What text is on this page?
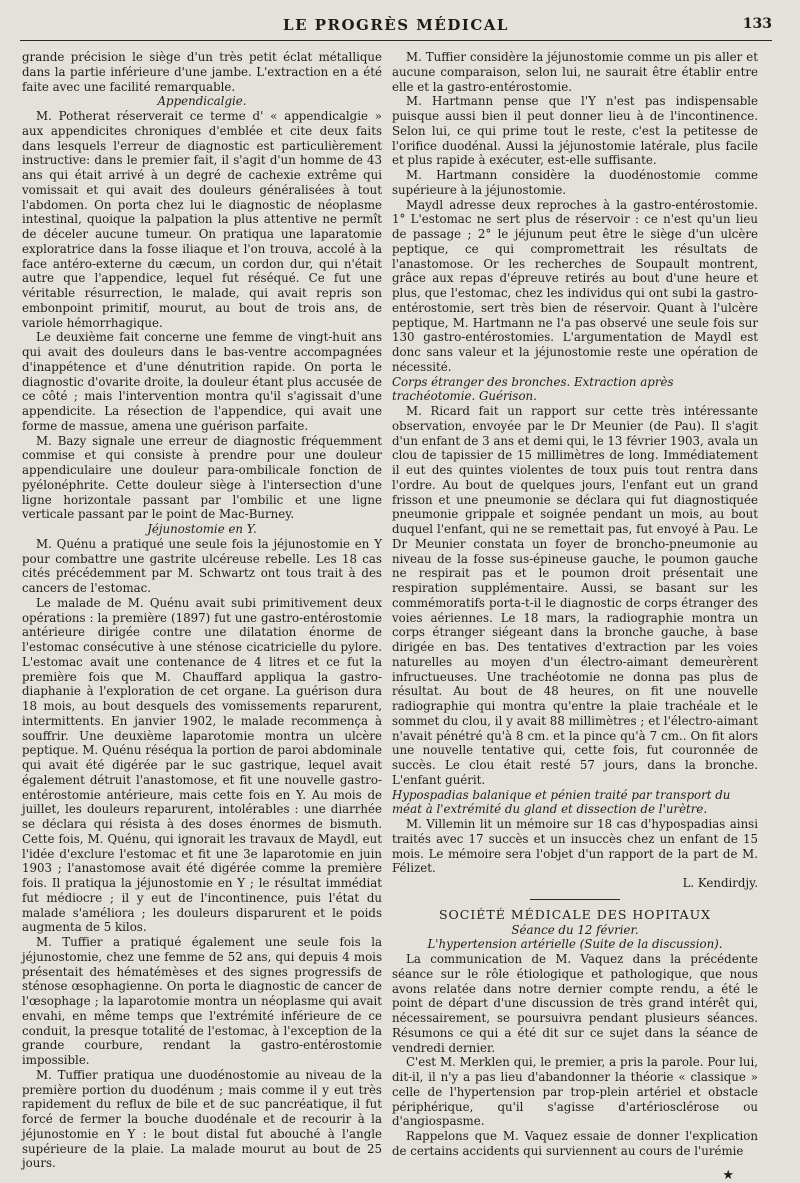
LE PROGRÈS MÉDICAL	133

grande précision le siège d'un très petit éclat métallique dans la partie inférieure d'une jambe. L'extraction en a été faite avec une facilité remarquable.

Appendicalgie.

M. Potherat réserverait ce terme d' « appendicalgie » aux appendicites chroniques d'emblée et cite deux faits dans lesquels l'erreur de diagnostic est particulièrement instructive: dans le premier fait, il s'agit d'un homme de 43 ans qui était arrivé à un degré de cachexie extrême qui vomissait et qui avait des douleurs généralisées à tout l'abdomen. On porta chez lui le diagnostic de néoplasme intestinal, quoique la palpation la plus attentive ne permît de déceler aucune tumeur. On pratiqua une laparatomie exploratrice dans la fosse iliaque et l'on trouva, accolé à la face antéro-externe du cæcum, un cordon dur, qui n'était autre que l'appendice, lequel fut réséqué. Ce fut une véritable résurrection, le malade, qui avait repris son embonpoint primitif, mourut, au bout de trois ans, de variole hémorrhagique.

Le deuxième fait concerne une femme de vingt-huit ans qui avait des douleurs dans le bas-ventre accompagnées d'inappétence et d'une dénutrition rapide. On porta le diagnostic d'ovarite droite, la douleur étant plus accusée de ce côté ; mais l'intervention montra qu'il s'agissait d'une appendicite. La résection de l'appendice, qui avait une forme de massue, amena une guérison parfaite.

M. Bazy signale une erreur de diagnostic fréquemment commise et qui consiste à prendre pour une douleur appendiculaire une douleur para-ombilicale fonction de pyélonéphrite. Cette douleur siège à l'intersection d'une ligne horizontale passant par l'ombilic et une ligne verticale passant par le point de Mac-Burney.

Jéjunostomie en Y.

M. Quénu a pratiqué une seule fois la jéjunostomie en Y pour combattre une gastrite ulcéreuse rebelle. Les 18 cas cités précédemment par M. Schwartz ont tous trait à des cancers de l'estomac.

Le malade de M. Quénu avait subi primitivement deux opérations : la première (1897) fut une gastro-entérostomie antérieure dirigée contre une dilatation énorme de l'estomac consécutive à une sténose cicatricielle du pylore. L'estomac avait une contenance de 4 litres et ce fut la première fois que M. Chauffard appliqua la gastro-diaphanie à l'exploration de cet organe. La guérison dura 18 mois, au bout desquels des vomissements reparurent, intermittents. En janvier 1902, le malade recommença à souffrir. Une deuxième laparotomie montra un ulcère peptique. M. Quénu réséqua la portion de paroi abdominale qui avait été digérée par le suc gastrique, lequel avait également détruit l'anastomose, et fit une nouvelle gastro-entérostomie antérieure, mais cette fois en Y. Au mois de juillet, les douleurs reparurent, intolérables : une diarrhée se déclara qui résista à des doses énormes de bismuth. Cette fois, M. Quénu, qui ignorait les travaux de Maydl, eut l'idée d'exclure l'estomac et fit une 3e laparotomie en juin 1903 ; l'anastomose avait été digérée comme la première fois. Il pratiqua la jéjunostomie en Y ; le résultat immédiat fut médiocre ; il y eut de l'incontinence, puis l'état du malade s'améliora ; les douleurs disparurent et le poids augmenta de 5 kilos.

M. Tuffier a pratiqué également une seule fois la jéjunostomie, chez une femme de 52 ans, qui depuis 4 mois présentait des hématémèses et des signes progressifs de sténose œsophagienne. On porta le diagnostic de cancer de l'œsophage ; la laparotomie montra un néoplasme qui avait envahi, en même temps que l'extrémité inférieure de ce conduit, la presque totalité de l'estomac, à l'exception de la grande courbure, rendant la gastro-entérostomie impossible.

M. Tuffier pratiqua une duodénostomie au niveau de la première portion du duodénum ; mais comme il y eut très rapidement du reflux de bile et de suc pancréatique, il fut forcé de fermer la bouche duodénale et de recourir à la jéjunostomie en Y : le bout distal fut abouché à l'angle supérieure de la plaie. La malade mourut au bout de 25 jours.

M. Tuffier considère la jéjunostomie comme un pis aller et aucune comparaison, selon lui, ne saurait être établir entre elle et la gastro-entérostomie.

M. Hartmann pense que l'Y n'est pas indispensable puisque aussi bien il peut donner lieu à de l'incontinence. Selon lui, ce qui prime tout le reste, c'est la petitesse de l'orifice duodénal. Aussi la jéjunostomie latérale, plus facile et plus rapide à exécuter, est-elle suffisante.

M. Hartmann considère la duodénostomie comme supérieure à la jéjunostomie.

Maydl adresse deux reproches à la gastro-entérostomie. 1° L'estomac ne sert plus de réservoir : ce n'est qu'un lieu de passage ; 2° le jéjunum peut être le siège d'un ulcère peptique, ce qui compromettrait les résultats de l'anastomose. Or les recherches de Soupault montrent, grâce aux repas d'épreuve retirés au bout d'une heure et plus, que l'estomac, chez les individus qui ont subi la gastro-entérostomie, sert très bien de réservoir. Quant à l'ulcère peptique, M. Hartmann ne l'a pas observé une seule fois sur 130 gastro-entérostomies. L'argumentation de Maydl est donc sans valeur et la jéjunostomie reste une opération de nécessité.

Corps étranger des bronches. Extraction après trachéotomie. Guérison.

M. Ricard fait un rapport sur cette très intéressante observation, envoyée par le Dr Meunier (de Pau). Il s'agit d'un enfant de 3 ans et demi qui, le 13 février 1903, avala un clou de tapissier de 15 millimètres de long. Immédiatement il eut des quintes violentes de toux puis tout rentra dans l'ordre. Au bout de quelques jours, l'enfant eut un grand frisson et une pneumonie se déclara qui fut diagnostiquée pneumonie grippale et soignée pendant un mois, au bout duquel l'enfant, qui ne se remettait pas, fut envoyé à Pau. Le Dr Meunier constata un foyer de broncho-pneumonie au niveau de la fosse sus-épineuse gauche, le poumon gauche ne respirait pas et le poumon droit présentait une respiration supplémentaire. Aussi, se basant sur les commémoratifs porta-t-il le diagnostic de corps étranger des voies aériennes. Le 18 mars, la radiographie montra un corps étranger siégeant dans la bronche gauche, à base dirigée en bas. Des tentatives d'extraction par les voies naturelles au moyen d'un électro-aimant demeurèrent infructueuses. Une trachéotomie ne donna pas plus de résultat. Au bout de 48 heures, on fit une nouvelle radiographie qui montra qu'entre la plaie trachéale et le sommet du clou, il y avait 88 millimètres ; et l'électro-aimant n'avait pénétré qu'à 8 cm. et la pince qu'à 7 cm.. On fit alors une nouvelle tentative qui, cette fois, fut couronnée de succès. Le clou était resté 57 jours, dans la bronche. L'enfant guérit.

Hypospadias balanique et pénien traité par transport du méat à l'extrémité du gland et dissection de l'urètre.

M. Villemin lit un mémoire sur 18 cas d'hypospadias ainsi traités avec 17 succès et un insuccès chez un enfant de 15 mois. Le mémoire sera l'objet d'un rapport de la part de M. Félizet.

L. Kendirdjy.

SOCIÉTÉ MÉDICALE DES HOPITAUX

Séance du 12 février.

L'hypertension artérielle (Suite de la discussion).

La communication de M. Vaquez dans la précédente séance sur le rôle étiologique et pathologique, que nous avons relatée dans notre dernier compte rendu, a été le point de départ d'une discussion de très grand intérêt qui, nécessairement, se poursuivra pendant plusieurs séances. Résumons ce qui a été dit sur ce sujet dans la séance de vendredi dernier.

C'est M. Merklen qui, le premier, a pris la parole. Pour lui, dit-il, il n'y a pas lieu d'abandonner la théorie « classique » celle de l'hypertension par trop-plein artériel et obstacle périphérique, qu'il s'agisse d'artériosclérose ou d'angiospasme.

Rappelons que M. Vaquez essaie de donner l'explication de certains accidents qui surviennent au cours de l'urémie

★
